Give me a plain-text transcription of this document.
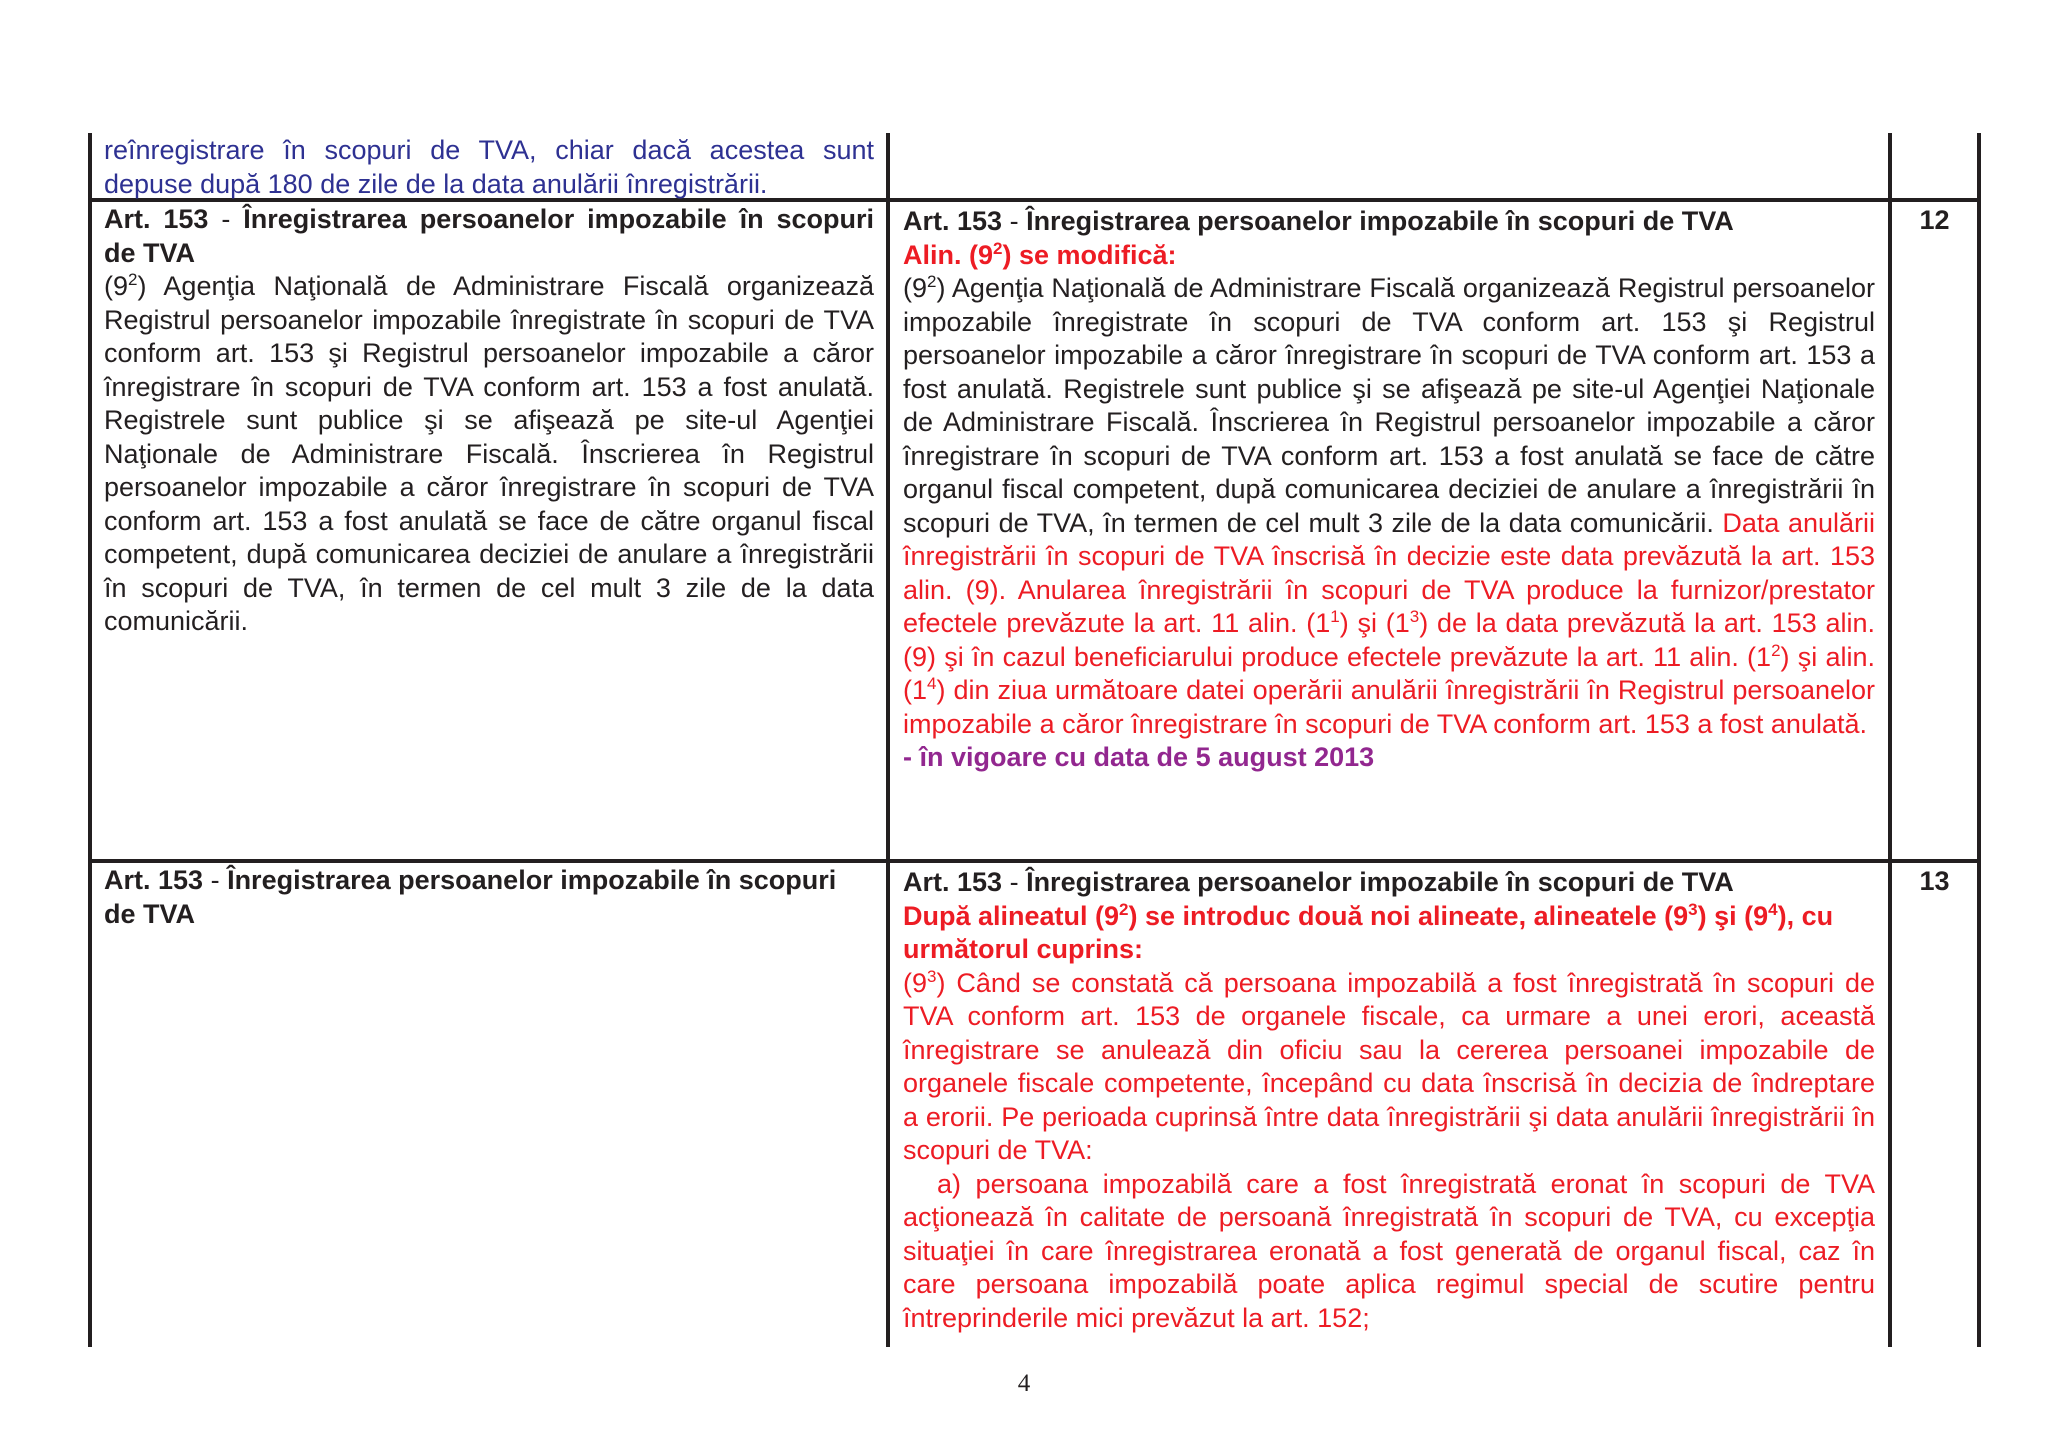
reînregistrare în scopuri de TVA, chiar dacă acestea sunt depuse după 180 de zile de la data anulării înregistrării.

Art. 153 - Înregistrarea persoanelor impozabile în scopuri de TVA

$(9^2)$ Agenţia Naţională de Administrare Fiscală organizează Registrul persoanelor impozabile înregistrate în scopuri de TVA conform art. 153 şi Registrul persoanelor impozabile a căror înregistrare în scopuri de TVA conform art. 153 a fost anulată. Registrele sunt publice şi se afişează pe site-ul Agenţiei Naţionale de Administrare Fiscală. Înscrierea în Registrul persoanelor impozabile a căror înregistrare în scopuri de TVA conform art. 153 a fost anulată se face de către organul fiscal competent, după comunicarea deciziei de anulare a înregistrării în scopuri de TVA, în termen de cel mult 3 zile de la data comunicării.

Art. 153 - Înregistrarea persoanelor impozabile în scopuri de TVA

Alin. $(9^2)$ se modifică:

$(9^2)$ Agenţia Naţională de Administrare Fiscală organizează Registrul persoanelor impozabile înregistrate în scopuri de TVA conform art. 153 şi Registrul persoanelor impozabile a căror înregistrare în scopuri de TVA conform art. 153 a fost anulată. Registrele sunt publice şi se afişează pe site-ul Agenţiei Naţionale de Administrare Fiscală. Înscrierea în Registrul persoanelor impozabile a căror înregistrare în scopuri de TVA conform art. 153 a fost anulată se face de către organul fiscal competent, după comunicarea deciziei de anulare a înregistrării în scopuri de TVA, în termen de cel mult 3 zile de la data comunicării. Data anulării înregistrării în scopuri de TVA înscrisă în decizie este data prevăzută la art. 153 alin. (9). Anularea înregistrării în scopuri de TVA produce la furnizor/prestator efectele prevăzute la art. 11 alin. $(1^1)$ şi $(1^3)$ de la data prevăzută la art. 153 alin. (9) şi în cazul beneficiarului produce efectele prevăzute la art. 11 alin. $(1^2)$ şi alin. $(1^4)$ din ziua următoare datei operării anulării înregistrării în Registrul persoanelor impozabile a căror înregistrare în scopuri de TVA conform art. 153 a fost anulată.

- în vigoare cu data de 5 august 2013

12

Art. 153 - Înregistrarea persoanelor impozabile în scopuri de TVA

Art. 153 - Înregistrarea persoanelor impozabile în scopuri de TVA

După alineatul $(9^2)$ se introduc două noi alineate, alineatele $(9^3)$ şi $(9^4)$, cu următorul cuprins:

$(9^3)$ Când se constată că persoana impozabilă a fost înregistrată în scopuri de TVA conform art. 153 de organele fiscale, ca urmare a unei erori, această înregistrare se anulează din oficiu sau la cererea persoanei impozabile de organele fiscale competente, începând cu data înscrisă în decizia de îndreptare a erorii. Pe perioada cuprinsă între data înregistrării şi data anulării înregistrării în scopuri de TVA:

a) persoana impozabilă care a fost înregistrată eronat în scopuri de TVA acţionează în calitate de persoană înregistrată în scopuri de TVA, cu excepţia situaţiei în care înregistrarea eronată a fost generată de organul fiscal, caz în care persoana impozabilă poate aplica regimul special de scutire pentru întreprinderile mici prevăzut la art. 152;

13
4
